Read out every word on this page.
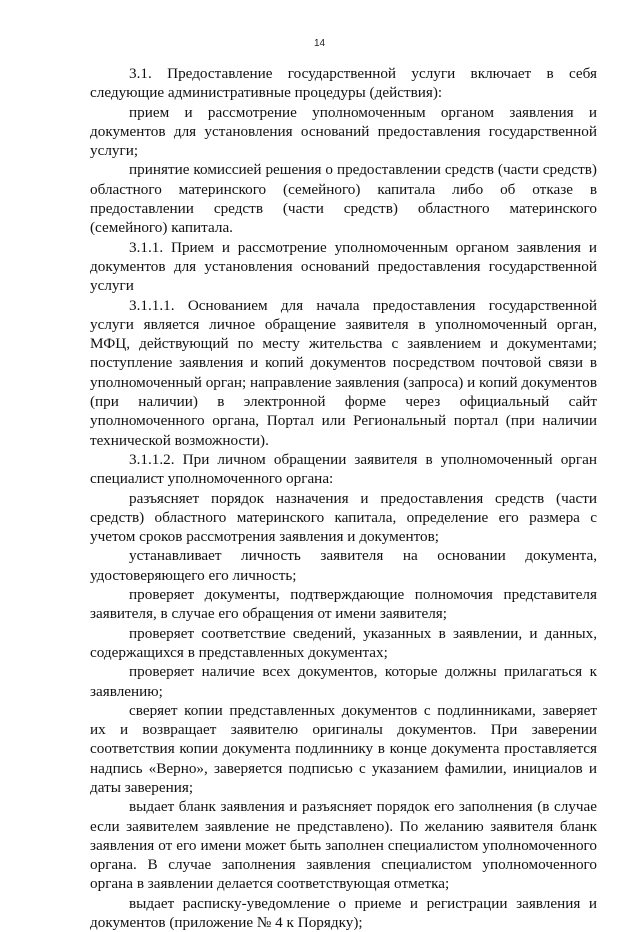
14

3.1. Предоставление государственной услуги включает в себя следующие административные процедуры (действия):

прием и рассмотрение уполномоченным органом заявления и документов для установления оснований предоставления государственной услуги;

принятие комиссией решения о предоставлении средств (части средств) областного материнского (семейного) капитала либо об отказе в предоставлении средств (части средств) областного материнского (семейного) капитала.

3.1.1. Прием и рассмотрение уполномоченным органом заявления и документов для установления оснований предоставления государственной услуги

3.1.1.1. Основанием для начала предоставления государственной услуги является личное обращение заявителя в уполномоченный орган, МФЦ, действующий по месту жительства с заявлением и документами; поступление заявления и копий документов посредством почтовой связи в уполномоченный орган; направление заявления (запроса) и копий документов (при наличии) в электронной форме через официальный сайт уполномоченного органа, Портал или Региональный портал (при наличии технической возможности).

3.1.1.2. При личном обращении заявителя в уполномоченный орган специалист уполномоченного органа:

разъясняет порядок назначения и предоставления средств (части средств) областного материнского капитала, определение его размера с учетом сроков рассмотрения заявления и документов;

устанавливает личность заявителя на основании документа, удостоверяющего его личность;

проверяет документы, подтверждающие полномочия представителя заявителя, в случае его обращения от имени заявителя;

проверяет соответствие сведений, указанных в заявлении, и данных, содержащихся в представленных документах;

проверяет наличие всех документов, которые должны прилагаться к заявлению;

сверяет копии представленных документов с подлинниками, заверяет их и возвращает заявителю оригиналы документов. При заверении соответствия копии документа подлиннику в конце документа проставляется надпись «Верно», заверяется подписью с указанием фамилии, инициалов и даты заверения;

выдает бланк заявления и разъясняет порядок его заполнения (в случае если заявителем заявление не представлено). По желанию заявителя бланк заявления от его имени может быть заполнен специалистом уполномоченного органа. В случае заполнения заявления специалистом уполномоченного органа в заявлении делается соответствующая отметка;

выдает расписку-уведомление о приеме и регистрации заявления и документов (приложение № 4 к Порядку);
